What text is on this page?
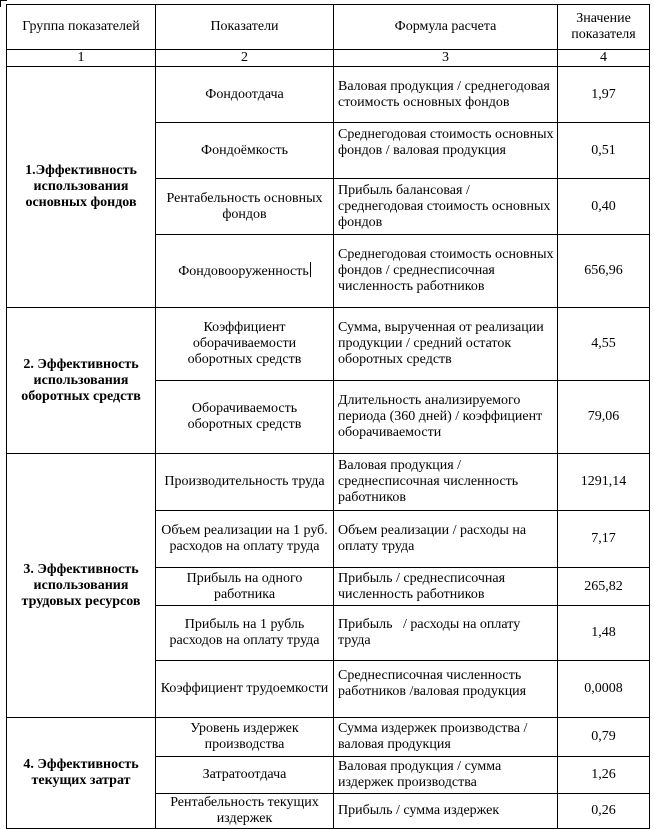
Группа показателей	Показатели	Формула расчета	Значение показателя
1	2	3	4
1.Эффективность использования основных фондов	Фондоотдача	Валовая продукция / среднегодовая стоимость основных фондов	1,97
	Фондоёмкость	Среднегодовая стоимость основных фондов / валовая продукция	0,51
	Рентабельность основных фондов	Прибыль балансовая / среднегодовая стоимость основных фондов	0,40
	Фондовооруженность	Среднегодовая стоимость основных фондов / среднесписочная численность работников	656,96
2. Эффективность использования оборотных средств	Коэффициент оборачиваемости оборотных средств	Сумма, вырученная от реализации продукции / средний остаток оборотных средств	4,55
	Оборачиваемость оборотных средств	Длительность анализируемого периода (360 дней) / коэффициент оборачиваемости	79,06
3. Эффективность использования трудовых ресурсов	Производительность труда	Валовая продукция /среднесписочная численность работников	1291,14
	Объем реализации на 1 руб. расходов на оплату труда	Объем реализации / расходы на оплату труда	7,17
	Прибыль на одного работника	Прибыль / среднесписочная численность работников	265,82
	Прибыль на 1 рубль расходов на оплату труда	Прибыль   / расходы на оплату труда	1,48
	Коэффициент трудоемкости	Среднесписочная численность работников /валовая продукция	0,0008
4. Эффективность текущих затрат	Уровень издержек производства	Сумма издержек производства / валовая продукция	0,79
	Затратоотдача	Валовая продукция / сумма издержек производства	1,26

	Рентабельность текущих издержек	Прибыль / сумма издержек	0,26
